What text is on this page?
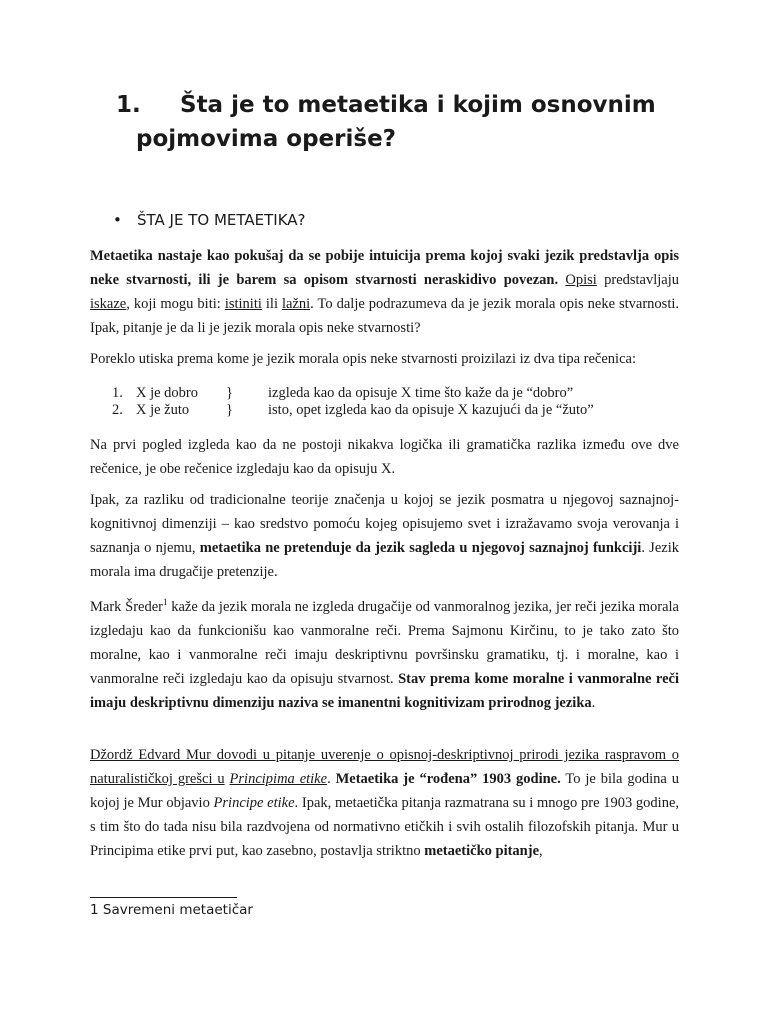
1. Šta je to metaetika i kojim osnovnim
pojmovima operiše?
• ŠTA JE TO METAETIKA?

Metaetika nastaje kao pokušaj da se pobije intuicija prema kojoj svaki jezik predstavlja opis neke stvarnosti, ili je barem sa opisom stvarnosti neraskidivo povezan. Opisi predstavljaju iskaze, koji mogu biti: istiniti ili lažni. To dalje podrazumeva da je jezik morala opis neke stvarnosti. Ipak, pitanje je da li je jezik morala opis neke stvarnosti?

Poreklo utiska prema kome je jezik morala opis neke stvarnosti proizilazi iz dva tipa rečenica:

1. X je dobro } izgleda kao da opisuje X time što kaže da je “dobro”
2. X je žuto	} isto, opet izgleda kao da opisuje X kazujući da je “žuto”

Na prvi pogled izgleda kao da ne postoji nikakva logička ili gramatička razlika između ove dve rečenice, je obe rečenice izgledaju kao da opisuju X.

Ipak, za razliku od tradicionalne teorije značenja u kojoj se jezik posmatra u njegovoj saznajnoj-kognitivnoj dimenziji – kao sredstvo pomoću kojeg opisujemo svet i izražavamo svoja verovanja i saznanja o njemu, metaetika ne pretenduje da jezik sagleda u njegovoj saznajnoj funkciji. Jezik morala ima drugačije pretenzije.

Mark Šreder$^1$ kaže da jezik morala ne izgleda drugačije od vanmoralnog jezika, jer reči jezika morala izgledaju kao da funkcionišu kao vanmoralne reči. Prema Sajmonu Kirčinu, to je tako zato što moralne, kao i vanmoralne reči imaju deskriptivnu površinsku gramatiku, tj. i moralne, kao i vanmoralne reči izgledaju kao da opisuju stvarnost. Stav prema kome moralne i vanmoralne reči imaju deskriptivnu dimenziju naziva se imanentni kognitivizam prirodnog jezika.

Džordž Edvard Mur dovodi u pitanje uverenje o opisnoj-deskriptivnoj prirodi jezika raspravom o naturalističkoj grešci u Principima etike. Metaetika je “rođena” 1903 godine. To je bila godina u kojoj je Mur objavio Principe etike. Ipak, metaetička pitanja razmatrana su i mnogo pre 1903 godine, s tim što do tada nisu bila razdvojena od normativno etičkih i svih ostalih filozofskih pitanja. Mur u Principima etike prvi put, kao zasebno, postavlja striktno metaetičko pitanje,

1 Savremeni metaetičar
